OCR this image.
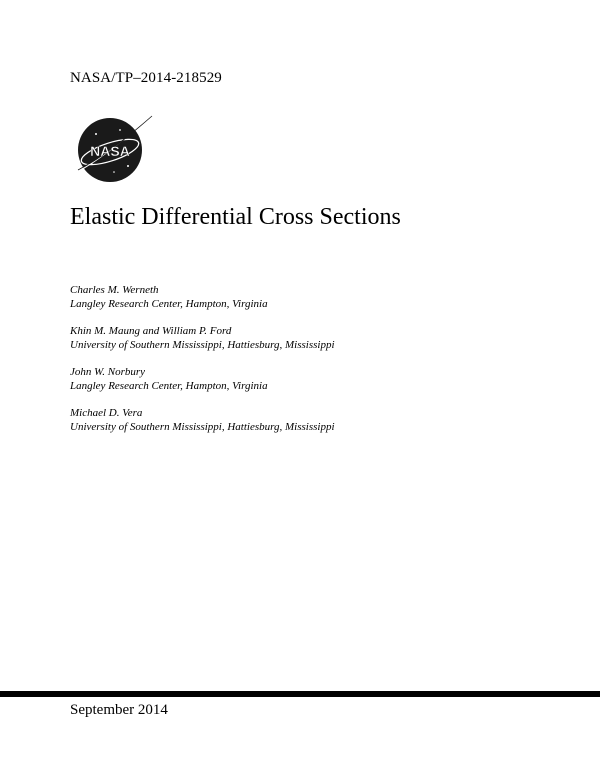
NASA/TP–2014-218529
NASA
Elastic Differential Cross Sections
Charles M. Werneth
Langley Research Center, Hampton, Virginia
Khin M. Maung and William P. Ford
University of Southern Mississippi, Hattiesburg, Mississippi
John W. Norbury
Langley Research Center, Hampton, Virginia
Michael D. Vera
University of Southern Mississippi, Hattiesburg, Mississippi
September 2014
